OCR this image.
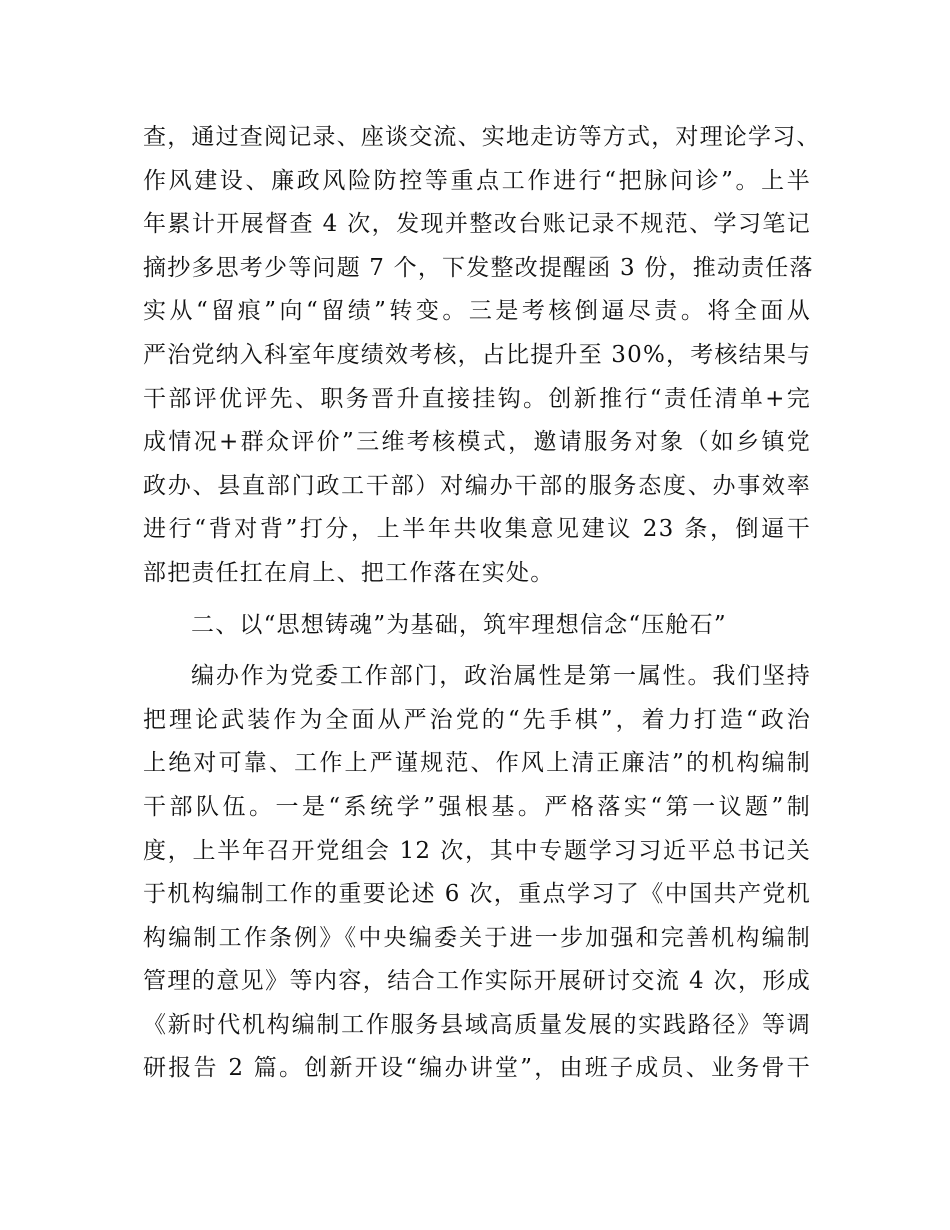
查，通过查阅记录、座谈交流、实地走访等方式，对理论学习、
作风建设、廉政风险防控等重点工作进行“把脉问诊”。上半
年累计开展督查 4 次，发现并整改台账记录不规范、学习笔记
摘抄多思考少等问题 7 个，下发整改提醒函 3 份，推动责任落
实从“留痕”向“留绩”转变。三是考核倒逼尽责。将全面从
严治党纳入科室年度绩效考核，占比提升至 30%，考核结果与
干部评优评先、职务晋升直接挂钩。创新推行“责任清单+完
成情况+群众评价”三维考核模式，邀请服务对象（如乡镇党
政办、县直部门政工干部）对编办干部的服务态度、办事效率
进行“背对背”打分，上半年共收集意见建议 23 条，倒逼干
部把责任扛在肩上、把工作落在实处。
二、以“思想铸魂”为基础，筑牢理想信念“压舱石”
编办作为党委工作部门，政治属性是第一属性。我们坚持
把理论武装作为全面从严治党的“先手棋”，着力打造“政治
上绝对可靠、工作上严谨规范、作风上清正廉洁”的机构编制
干部队伍。一是“系统学”强根基。严格落实“第一议题”制
度，上半年召开党组会 12 次，其中专题学习习近平总书记关
于机构编制工作的重要论述 6 次，重点学习了《中国共产党机
构编制工作条例》《中央编委关于进一步加强和完善机构编制
管理的意见》等内容，结合工作实际开展研讨交流 4 次，形成
《新时代机构编制工作服务县域高质量发展的实践路径》等调
研报告 2 篇。创新开设“编办讲堂”，由班子成员、业务骨干
